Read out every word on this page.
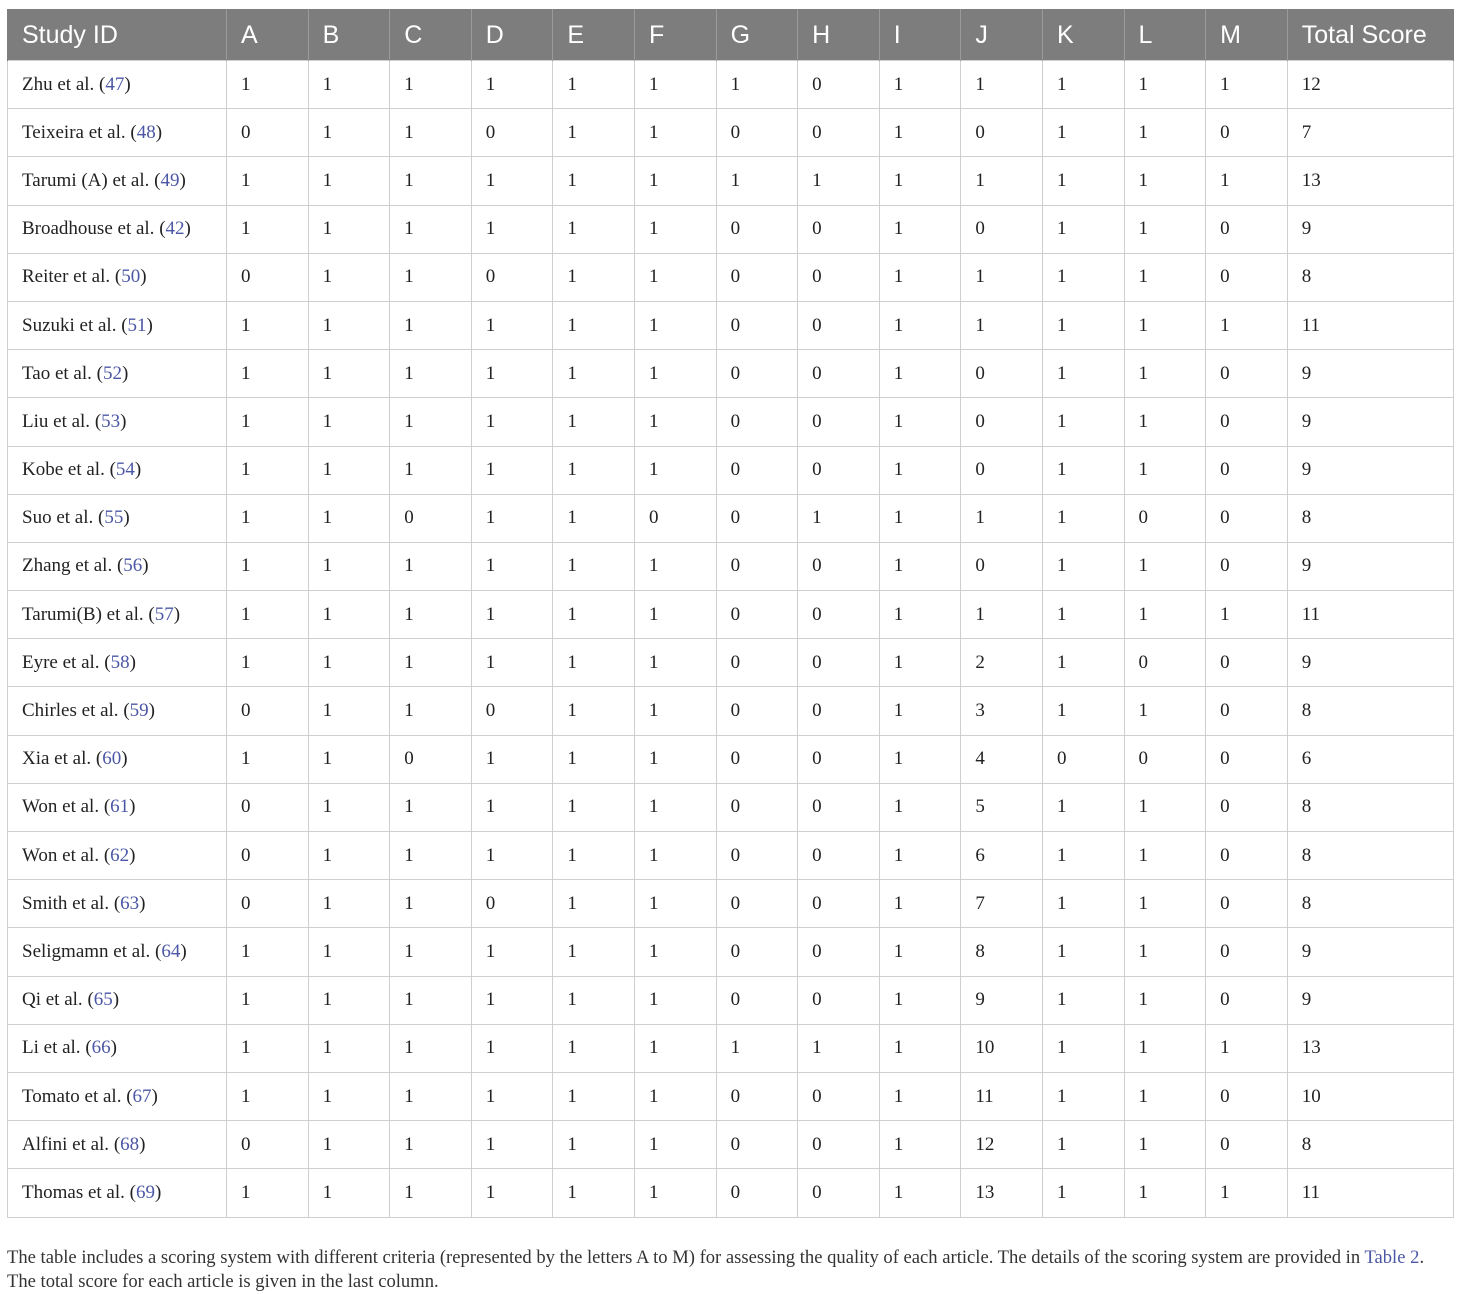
Study ID	A	B	C	D	E	F	G	H	I	J	K	L	M	Total Score
Zhu et al. (47)	1	1	1	1	1	1	1	0	1	1	1	1	1	12
Teixeira et al. (48)	0	1	1	0	1	1	0	0	1	0	1	1	0	7
Tarumi (A) et al. (49)	1	1	1	1	1	1	1	1	1	1	1	1	1	13
Broadhouse et al. (42)	1	1	1	1	1	1	0	0	1	0	1	1	0	9
Reiter et al. (50)	0	1	1	0	1	1	0	0	1	1	1	1	0	8
Suzuki et al. (51)	1	1	1	1	1	1	0	0	1	1	1	1	1	11
Tao et al. (52)	1	1	1	1	1	1	0	0	1	0	1	1	0	9
Liu et al. (53)	1	1	1	1	1	1	0	0	1	0	1	1	0	9
Kobe et al. (54)	1	1	1	1	1	1	0	0	1	0	1	1	0	9
Suo et al. (55)	1	1	0	1	1	0	0	1	1	1	1	0	0	8
Zhang et al. (56)	1	1	1	1	1	1	0	0	1	0	1	1	0	9
Tarumi(B) et al. (57)	1	1	1	1	1	1	0	0	1	1	1	1	1	11
Eyre et al. (58)	1	1	1	1	1	1	0	0	1	2	1	0	0	9
Chirles et al. (59)	0	1	1	0	1	1	0	0	1	3	1	1	0	8
Xia et al. (60)	1	1	0	1	1	1	0	0	1	4	0	0	0	6
Won et al. (61)	0	1	1	1	1	1	0	0	1	5	1	1	0	8
Won et al. (62)	0	1	1	1	1	1	0	0	1	6	1	1	0	8
Smith et al. (63)	0	1	1	0	1	1	0	0	1	7	1	1	0	8
Seligmamn et al. (64)	1	1	1	1	1	1	0	0	1	8	1	1	0	9
Qi et al. (65)	1	1	1	1	1	1	0	0	1	9	1	1	0	9
Li et al. (66)	1	1	1	1	1	1	1	1	1	10	1	1	1	13
Tomato et al. (67)	1	1	1	1	1	1	0	0	1	11	1	1	0	10
Alfini et al. (68)	0	1	1	1	1	1	0	0	1	12	1	1	0	8
Thomas et al. (69)	1	1	1	1	1	1	0	0	1	13	1	1	1	11

The table includes a scoring system with different criteria (represented by the letters A to M) for assessing the quality of each article. The details of the scoring system are provided in Table 2. The total score for each article is given in the last column.
